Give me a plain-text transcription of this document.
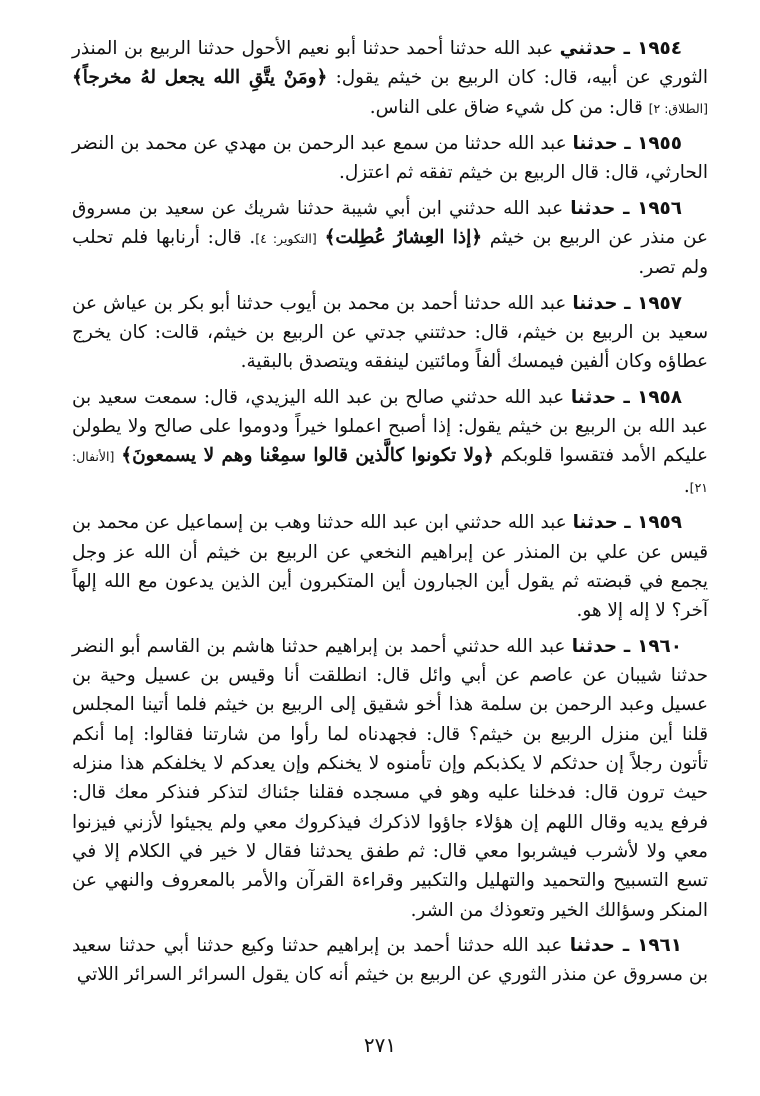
١٩٥٤ ـ حدثني عبد الله حدثنا أحمد حدثنا أبو نعيم الأحول حدثنا الربيع بن المنذر الثوري عن أبيه، قال: كان الربيع بن خيثم يقول: ﴿ومَنْ يتَّقِ الله يجعل لهُ مخرجاً﴾ [الطلاق: ٢] قال: من كل شيء ضاق على الناس.

١٩٥٥ ـ حدثنا عبد الله حدثنا من سمع عبد الرحمن بن مهدي عن محمد بن النضر الحارثي، قال: قال الربيع بن خيثم تفقه ثم اعتزل.

١٩٥٦ ـ حدثنا عبد الله حدثني ابن أبي شيبة حدثنا شريك عن سعيد بن مسروق عن منذر عن الربيع بن خيثم ﴿إذا العِشارُ عُطِلت﴾ [التكوير: ٤]. قال: أرنابها فلم تحلب ولم تصر.

١٩٥٧ ـ حدثنا عبد الله حدثنا أحمد بن محمد بن أيوب حدثنا أبو بكر بن عياش عن سعيد بن الربيع بن خيثم، قال: حدثتني جدتي عن الربيع بن خيثم، قالت: كان يخرج عطاؤه وكان ألفين فيمسك ألفاً ومائتين لينفقه ويتصدق بالبقية.

١٩٥٨ ـ حدثنا عبد الله حدثني صالح بن عبد الله اليزيدي، قال: سمعت سعيد بن عبد الله بن الربيع بن خيثم يقول: إذا أصبح اعملوا خيراً ودوموا على صالح ولا يطولن عليكم الأمد فتقسوا قلوبكم ﴿ولا تكونوا كالَّذين قالوا سمِعْنا وهم لا يسمعونَ﴾ [الأنفال: ٢١].

١٩٥٩ ـ حدثنا عبد الله حدثني ابن عبد الله حدثنا وهب بن إسماعيل عن محمد بن قيس عن علي بن المنذر عن إبراهيم النخعي عن الربيع بن خيثم أن الله عز وجل يجمع في قبضته ثم يقول أين الجبارون أين المتكبرون أين الذين يدعون مع الله إلهاً آخر؟ لا إله إلا هو.

١٩٦٠ ـ حدثنا عبد الله حدثني أحمد بن إبراهيم حدثنا هاشم بن القاسم أبو النضر حدثنا شيبان عن عاصم عن أبي وائل قال: انطلقت أنا وقيس بن عسيل وحية بن عسيل وعبد الرحمن بن سلمة هذا أخو شقيق إلى الربيع بن خيثم فلما أتينا المجلس قلنا أين منزل الربيع بن خيثم؟ قال: فجهدناه لما رأوا من شارتنا فقالوا: إما أنكم تأتون رجلاً إن حدثكم لا يكذبكم وإن تأمنوه لا يخنكم وإن يعدكم لا يخلفكم هذا منزله حيث ترون قال: فدخلنا عليه وهو في مسجده فقلنا جئناك لتذكر فنذكر معك قال: فرفع يديه وقال اللهم إن هؤلاء جاؤوا لاذكرك فيذكروك معي ولم يجيئوا لأزني فيزنوا معي ولا لأشرب فيشربوا معي قال: ثم طفق يحدثنا فقال لا خير في الكلام إلا في تسع التسبيح والتحميد والتهليل والتكبير وقراءة القرآن والأمر بالمعروف والنهي عن المنكر وسؤالك الخير وتعوذك من الشر.

١٩٦١ ـ حدثنا عبد الله حدثنا أحمد بن إبراهيم حدثنا وكيع حدثنا أبي حدثنا سعيد بن مسروق عن منذر الثوري عن الربيع بن خيثم أنه كان يقول السرائر السرائر اللاتي

٢٧١
